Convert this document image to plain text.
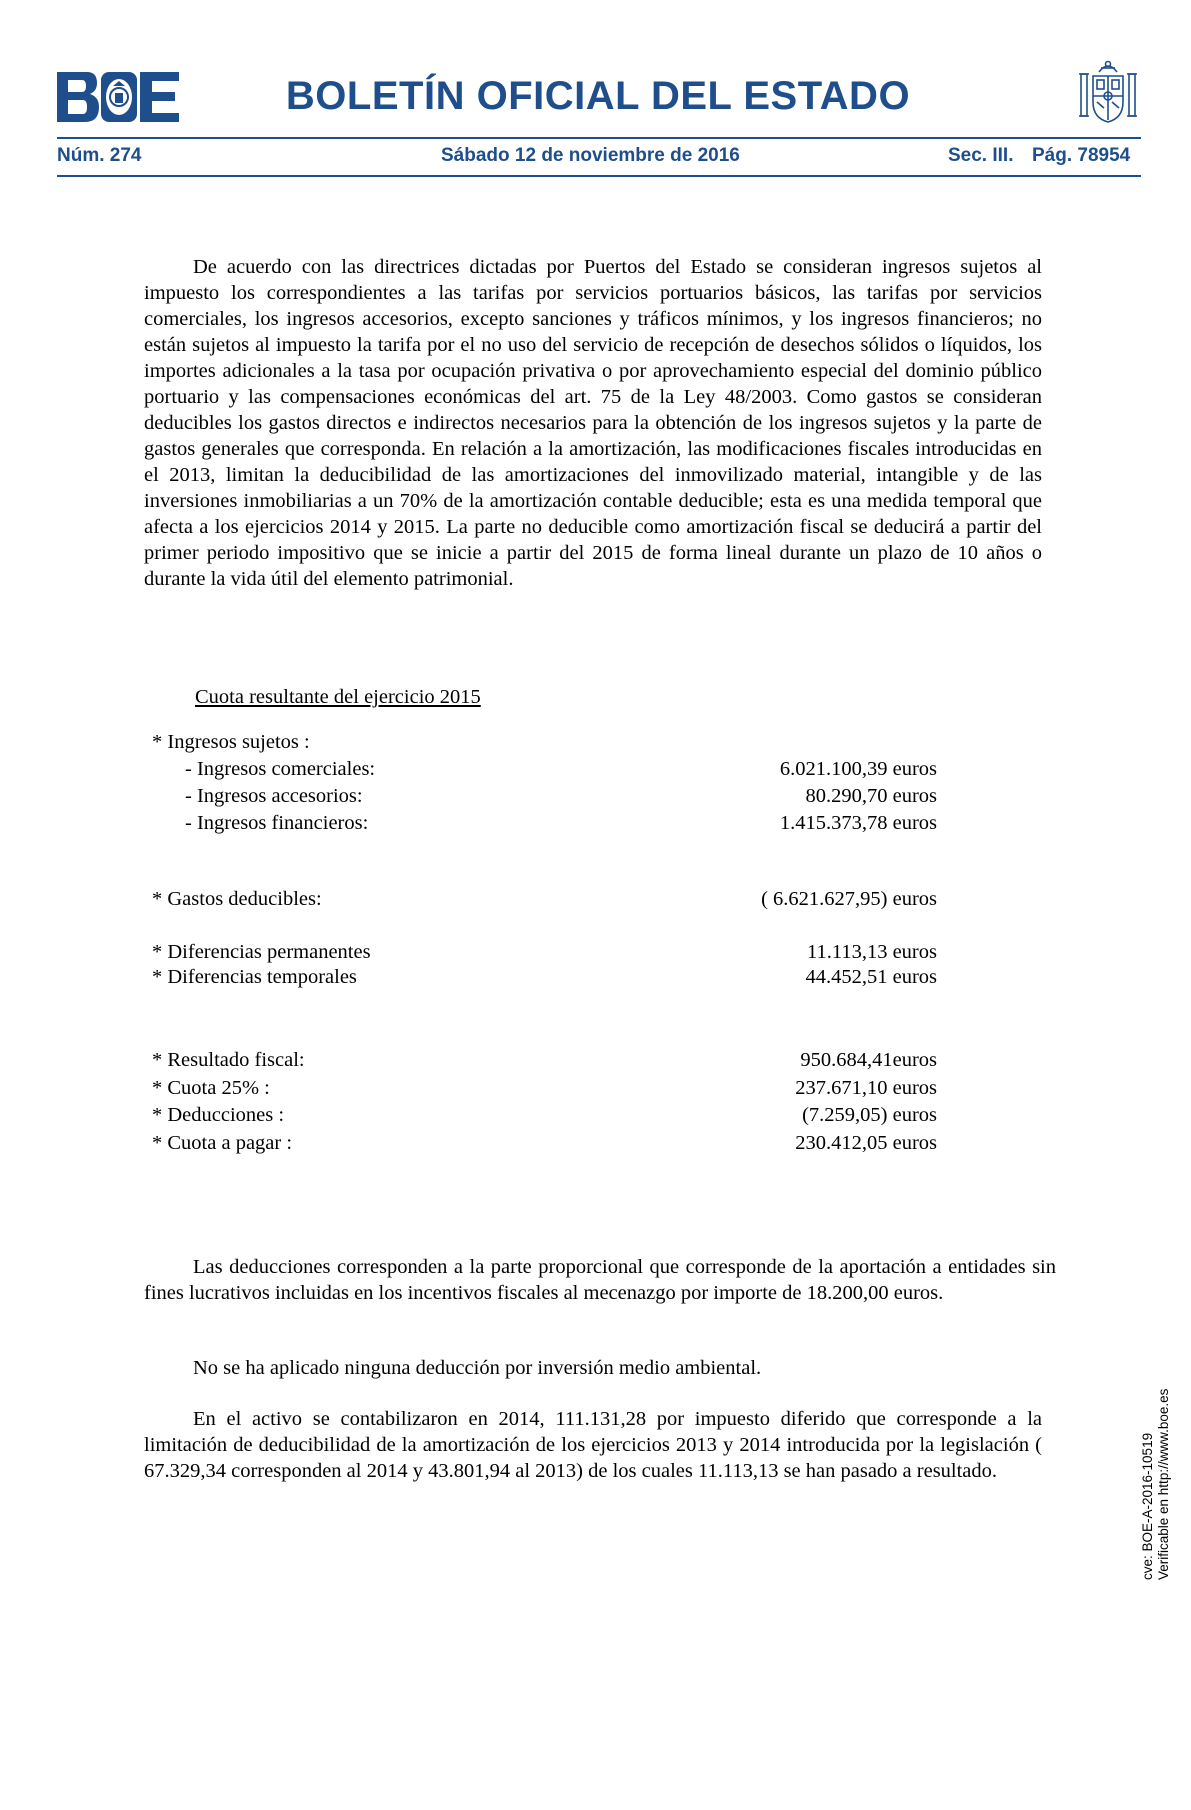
BOLETÍN OFICIAL DEL ESTADO
Núm. 274	Sábado 12 de noviembre de 2016	Sec. III. Pág. 78954

De acuerdo con las directrices dictadas por Puertos del Estado se consideran ingresos sujetos al impuesto los correspondientes a las tarifas por servicios portuarios básicos, las tarifas por servicios comerciales, los ingresos accesorios, excepto sanciones y tráficos mínimos, y los ingresos financieros; no están sujetos al impuesto la tarifa por el no uso del servicio de recepción de desechos sólidos o líquidos, los importes adicionales a la tasa por ocupación privativa o por aprovechamiento especial del dominio público portuario y las compensaciones económicas del art. 75 de la Ley 48/2003. Como gastos se consideran deducibles los gastos directos e indirectos necesarios para la obtención de los ingresos sujetos y la parte de gastos generales que corresponda. En relación a la amortización, las modificaciones fiscales introducidas en el 2013, limitan la deducibilidad de las amortizaciones del inmovilizado material, intangible y de las inversiones inmobiliarias a un 70% de la amortización contable deducible; esta es una medida temporal que afecta a los ejercicios 2014 y 2015. La parte no deducible como amortización fiscal se deducirá a partir del primer periodo impositivo que se inicie a partir del 2015 de forma lineal durante un plazo de 10 años o durante la vida útil del elemento patrimonial.

Cuota resultante del ejercicio 2015
* Ingresos sujetos :
- Ingresos comerciales:	6.021.100,39 euros
- Ingresos accesorios:	80.290,70 euros
- Ingresos financieros:	1.415.373,78 euros
* Gastos deducibles:	( 6.621.627,95) euros
* Diferencias permanentes	11.113,13 euros
* Diferencias temporales	44.452,51 euros
* Resultado fiscal:	950.684,41euros
* Cuota 25% :	237.671,10 euros
* Deducciones :	(7.259,05) euros
* Cuota a pagar :	230.412,05 euros

Las deducciones corresponden a la parte proporcional que corresponde de la aportación a entidades sin fines lucrativos incluidas en los incentivos fiscales al mecenazgo por importe de 18.200,00 euros.

No se ha aplicado ninguna deducción por inversión medio ambiental.

En el activo se contabilizaron en 2014, 111.131,28 por impuesto diferido que corresponde a la limitación de deducibilidad de la amortización de los ejercicios 2013 y 2014 introducida por la legislación ( 67.329,34 corresponden al 2014 y 43.801,94 al 2013) de los cuales 11.113,13 se han pasado a resultado.	cve: BOE-A-2016-10519 Verificable en http://www.boe.es
